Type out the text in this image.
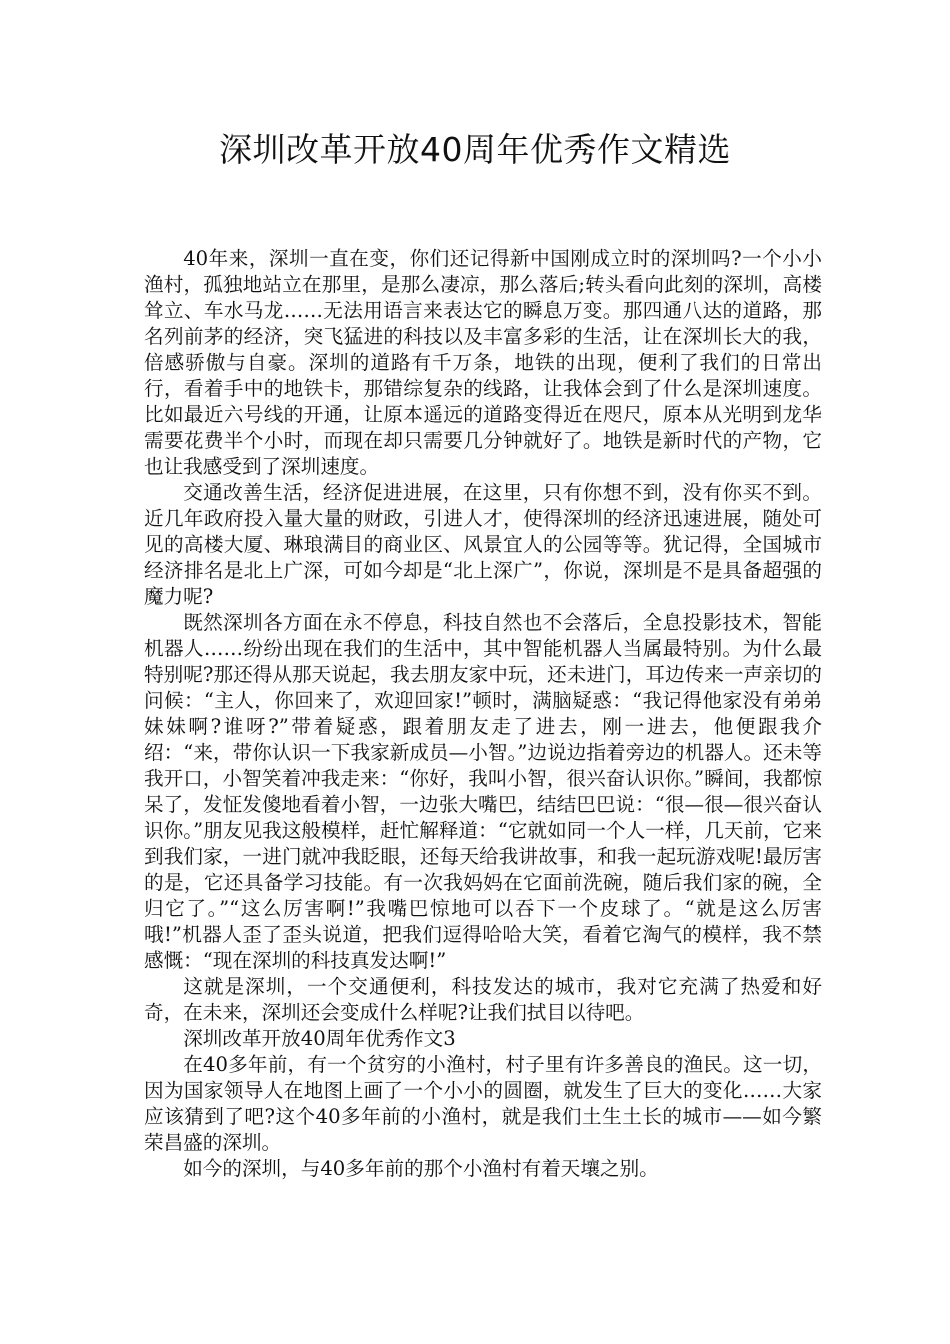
深圳改革开放40周年优秀作文精选

40年来，深圳一直在变，你们还记得新中国刚成立时的深圳吗?一个小小渔村，孤独地站立在那里，是那么凄凉，那么落后;转头看向此刻的深圳，高楼耸立、车水马龙……无法用语言来表达它的瞬息万变。那四通八达的道路，那名列前茅的经济，突飞猛进的科技以及丰富多彩的生活，让在深圳长大的我，倍感骄傲与自豪。深圳的道路有千万条，地铁的出现，便利了我们的日常出行，看着手中的地铁卡，那错综复杂的线路，让我体会到了什么是深圳速度。比如最近六号线的开通，让原本遥远的道路变得近在咫尺，原本从光明到龙华需要花费半个小时，而现在却只需要几分钟就好了。地铁是新时代的产物，它也让我感受到了深圳速度。

交通改善生活，经济促进进展，在这里，只有你想不到，没有你买不到。近几年政府投入量大量的财政，引进人才，使得深圳的经济迅速进展，随处可见的高楼大厦、琳琅满目的商业区、风景宜人的公园等等。犹记得，全国城市经济排名是北上广深，可如今却是“北上深广”，你说，深圳是不是具备超强的魔力呢?

既然深圳各方面在永不停息，科技自然也不会落后，全息投影技术，智能机器人……纷纷出现在我们的生活中，其中智能机器人当属最特别。为什么最特别呢?那还得从那天说起，我去朋友家中玩，还未进门，耳边传来一声亲切的问候：“主人，你回来了，欢迎回家!”顿时，满脑疑惑：“我记得他家没有弟弟妹妹啊?谁呀?”带着疑惑，跟着朋友走了进去，刚一进去，他便跟我介绍：“来，带你认识一下我家新成员—小智。”边说边指着旁边的机器人。还未等我开口，小智笑着冲我走来：“你好，我叫小智，很兴奋认识你。”瞬间，我都惊呆了，发怔发傻地看着小智，一边张大嘴巴，结结巴巴说：“很—很—很兴奋认识你。”朋友见我这般模样，赶忙解释道：“它就如同一个人一样，几天前，它来到我们家，一进门就冲我眨眼，还每天给我讲故事，和我一起玩游戏呢!最厉害的是，它还具备学习技能。有一次我妈妈在它面前洗碗，随后我们家的碗，全归它了。”“这么厉害啊!”我嘴巴惊地可以吞下一个皮球了。“就是这么厉害哦!”机器人歪了歪头说道，把我们逗得哈哈大笑，看着它淘气的模样，我不禁感慨：“现在深圳的科技真发达啊!”

这就是深圳，一个交通便利，科技发达的城市，我对它充满了热爱和好奇，在未来，深圳还会变成什么样呢?让我们拭目以待吧。

深圳改革开放40周年优秀作文3

在40多年前，有一个贫穷的小渔村，村子里有许多善良的渔民。这一切，因为国家领导人在地图上画了一个小小的圆圈，就发生了巨大的变化……大家应该猜到了吧?这个40多年前的小渔村，就是我们土生土长的城市——如今繁荣昌盛的深圳。

如今的深圳，与40多年前的那个小渔村有着天壤之别。
